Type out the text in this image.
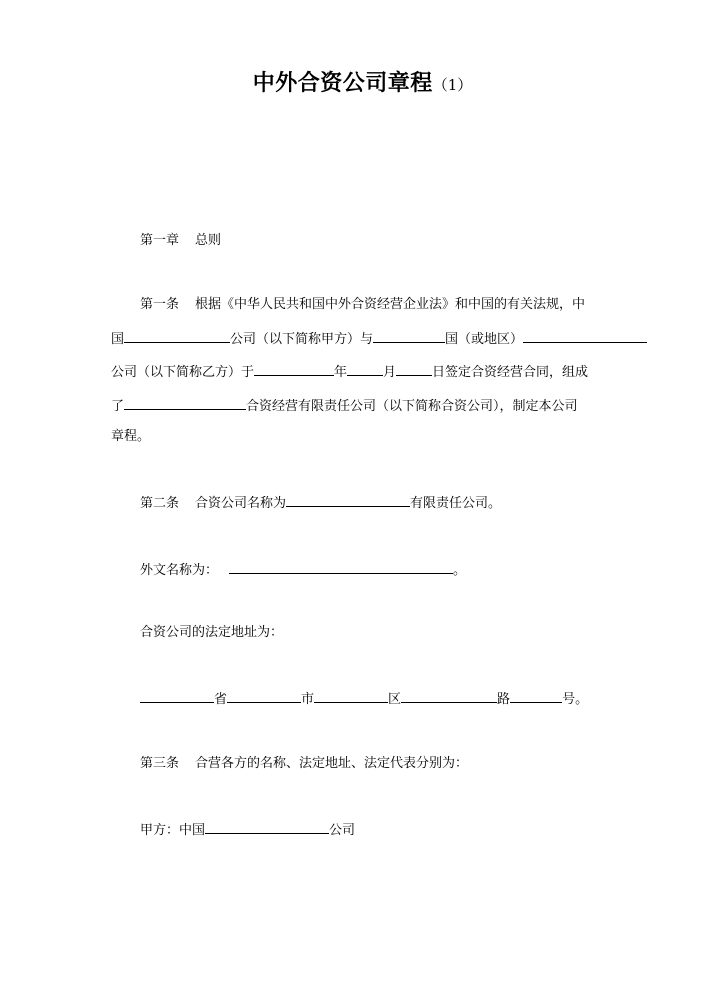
中外合资公司章程（1）
第一章 总则
第一条 根据《中华人民共和国中外合资经营企业法》和中国的有关法规，中
国	公司（以下简称甲方）与	国（或地区）
公司（以下简称乙方）于	年	月	日签定合资经营合同，组成
了	合资经营有限责任公司（以下简称合资公司），制定本公司
章程。
第二条 合资公司名称为	有限责任公司。
外文名称为：	。
合资公司的法定地址为：
省	市	区	路	号。
第三条 合营各方的名称、法定地址、法定代表分别为：
甲方：中国	公司
